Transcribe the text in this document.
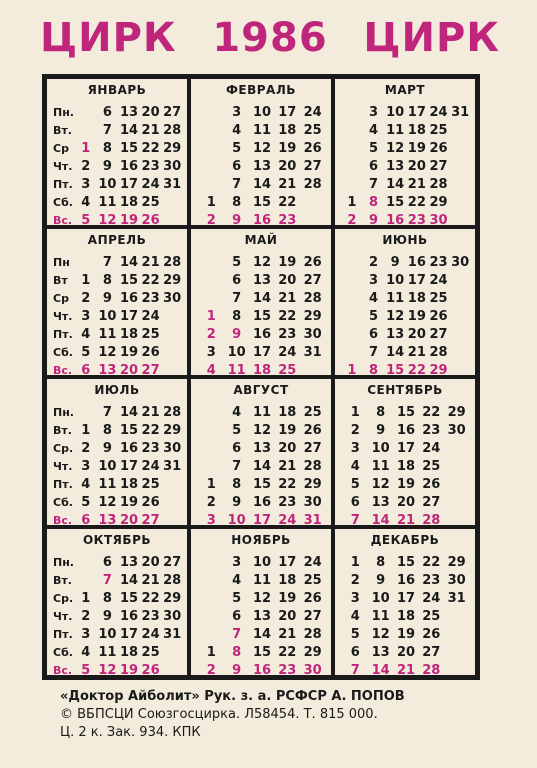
ЦИРК 1986 ЦИРК
ЯНВАРЬ
Пн.
Вт.
Ср
Чт.
Пт.
Сб.
Вс.
1
2
3
4
5
6
7
8
9
10
11
12
13
14
15
16
17
18
19
20
21
22
23
24
25
26
27
28
29
30
31
ФЕВРАЛЬ
1
2
3
4
5
6
7
8
9
10
11
12
13
14
15
16
17
18
19
20
21
22
23
24
25
26
27
28
МАРТ
1
2
3
4
5
6
7
8
9
10
11
12
13
14
15
16
17
18
19
20
21
22
23
24
25
26
27
28
29
30
31
АПРЕЛЬ
Пн
Вт
Ср
Чт.
Пт.
Сб.
Вс.
1
2
3
4
5
6
7
8
9
10
11
12
13
14
15
16
17
18
19
20
21
22
23
24
25
26
27
28
29
30
МАЙ
1
2
3
4
5
6
7
8
9
10
11
12
13
14
15
16
17
18
19
20
21
22
23
24
25
26
27
28
29
30
31
ИЮНЬ
1
2
3
4
5
6
7
8
9
10
11
12
13
14
15
16
17
18
19
20
21
22
23
24
25
26
27
28
29
30
ИЮЛЬ
Пн.
Вт.
Ср.
Чт.
Пт.
Сб.
Вс.
1
2
3
4
5
6
7
8
9
10
11
12
13
14
15
16
17
18
19
20
21
22
23
24
25
26
27
28
29
30
31
АВГУСТ
1
2
3
4
5
6
7
8
9
10
11
12
13
14
15
16
17
18
19
20
21
22
23
24
25
26
27
28
29
30
31
СЕНТЯБРЬ
1
2
3
4
5
6
7
8
9
10
11
12
13
14
15
16
17
18
19
20
21
22
23
24
25
26
27
28
29
30
ОКТЯБРЬ
Пн.
Вт.
Ср.
Чт.
Пт.
Сб.
Вс.
1
2
3
4
5
6
7
8
9
10
11
12
13
14
15
16
17
18
19
20
21
22
23
24
25
26
27
28
29
30
31
НОЯБРЬ
1
2
3
4
5
6
7
8
9
10
11
12
13
14
15
16
17
18
19
20
21
22
23
24
25
26
27
28
29
30
ДЕКАБРЬ
1
2
3
4
5
6
7
8
9
10
11
12
13
14
15
16
17
18
19
20
21
22
23
24
25
26
27
28
29
30
31
«Доктор Айболит» Рук. з. а. РСФСР А. ПОПОВ
© ВБПСЦИ Союзгосцирка. Л58454. Т. 815 000.
Ц. 2 к. Зак. 934. КПК
